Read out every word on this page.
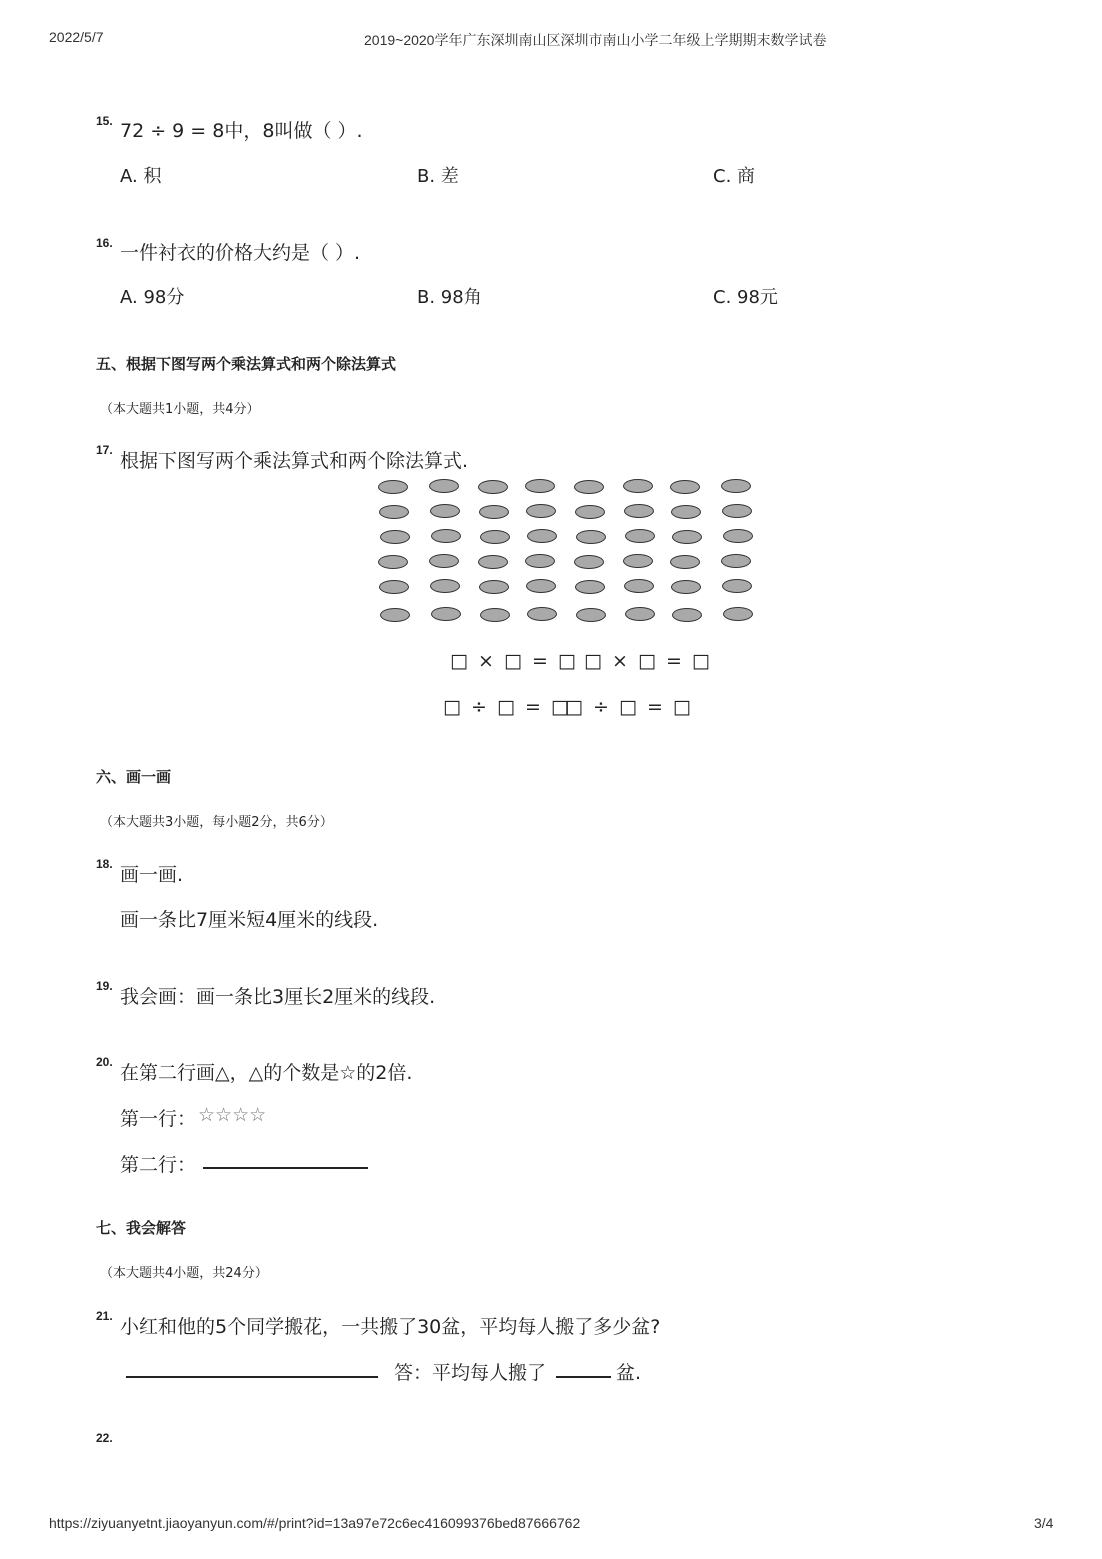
2022/5/7	2019~2020学年广东深圳南山区深圳市南山小学二年级上学期期末数学试卷
15. 72 ÷ 9 = 8中，8叫做（ ）.
A. 积	B. 差	C. 商
16. 一件衬衣的价格大约是（ ）.
A. 98分	B. 98角	C. 98元
五、根据下图写两个乘法算式和两个除法算式
（本大题共1小题，共4分）
17. 根据下图写两个乘法算式和两个除法算式.
□ × □ = □ □ × □ = □
□ ÷ □ = □
□ ÷ □ = □
六、画一画
（本大题共3小题，每小题2分，共6分）
18. 画一画.
画一条比7厘米短4厘米的线段.
19. 我会画：画一条比3厘长2厘米的线段.
20. 在第二行画△，△的个数是☆的2倍.
第一行： ☆☆☆☆
第二行：
七、我会解答
（本大题共4小题，共24分）
21. 小红和他的5个同学搬花，一共搬了30盆，平均每人搬了多少盆?
答：平均每人搬了	盆.
22.
https://ziyuanyetnt.jiaoyanyun.com/#/print?id=13a97e72c6ec416099376bed87666762	3/4
